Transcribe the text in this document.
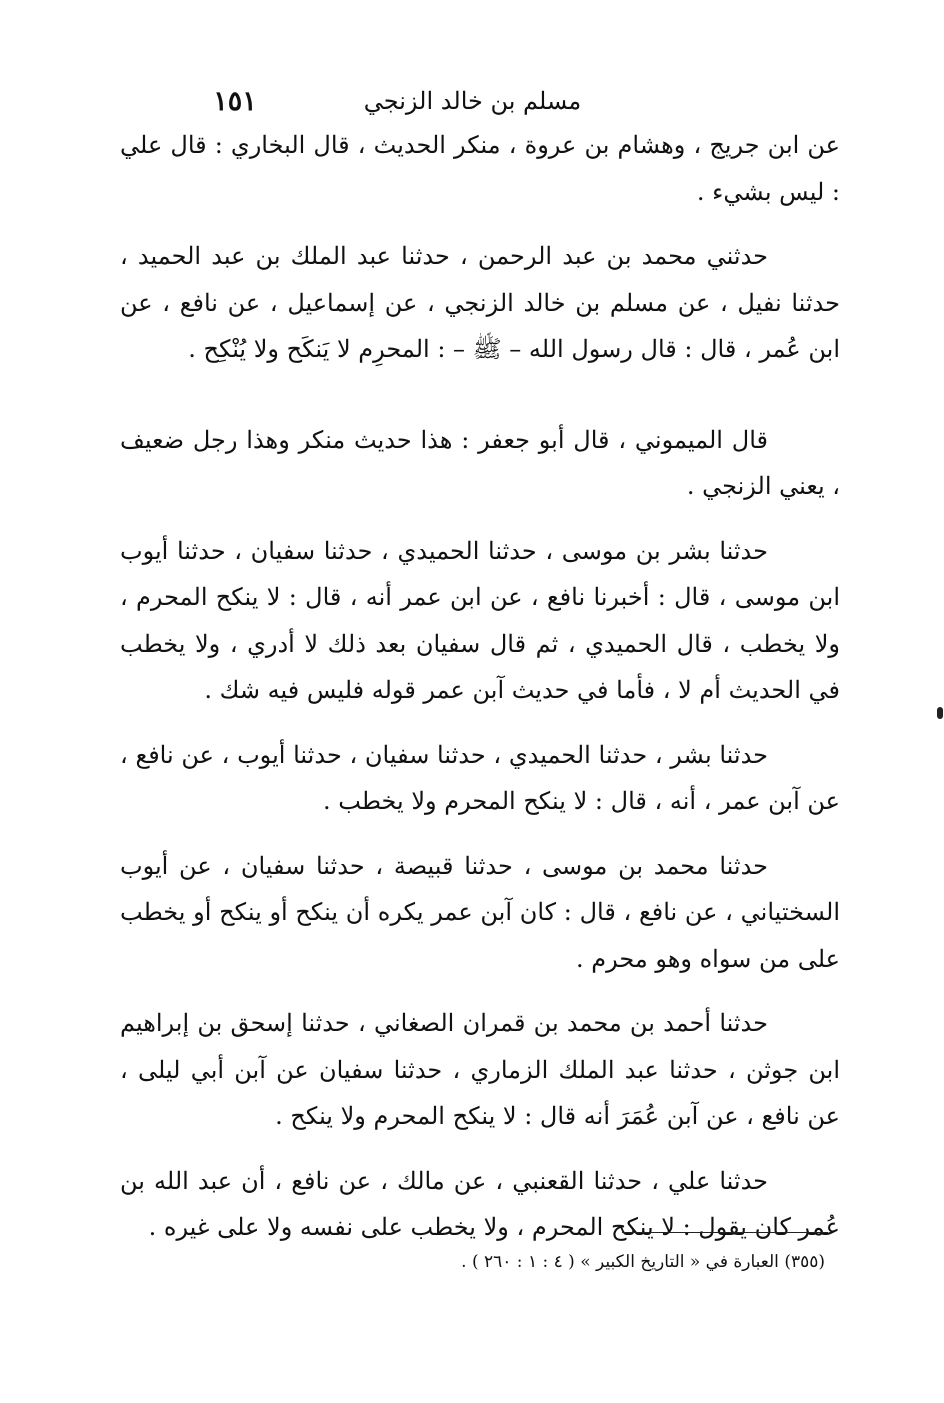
مسلم بن خالد الزنجي
١٥١

عن ابن جريج ، وهشام بن عروة ، منكر الحديث ، قال البخاري : قال علي : ليس بشيء .

حدثني محمد بن عبد الرحمن ، حدثنا عبد الملك بن عبد الحميد ، حدثنا نفيل ، عن مسلم بن خالد الزنجي ، عن إسماعيل ، عن نافع ، عن ابن عُمر ، قال : قال رسول الله – ﷺ – : المحرِم لا يَنكَح ولا يُنْكِح .

قال الميموني ، قال أبو جعفر : هذا حديث منكر وهذا رجل ضعيف ، يعني الزنجي .

حدثنا بشر بن موسى ، حدثنا الحميدي ، حدثنا سفيان ، حدثنا أيوب ابن موسى ، قال : أخبرنا نافع ، عن ابن عمر أنه ، قال : لا ينكح المحرم ، ولا يخطب ، قال الحميدي ، ثم قال سفيان بعد ذلك لا أدري ، ولا يخطب في الحديث أم لا ، فأما في حديث آبن عمر قوله فليس فيه شك .

حدثنا بشر ، حدثنا الحميدي ، حدثنا سفيان ، حدثنا أيوب ، عن نافع ، عن آبن عمر ، أنه ، قال : لا ينكح المحرم ولا يخطب .

حدثنا محمد بن موسى ، حدثنا قبيصة ، حدثنا سفيان ، عن أيوب السختياني ، عن نافع ، قال : كان آبن عمر يكره أن ينكح أو ينكح أو يخطب على من سواه وهو محرم .

حدثنا أحمد بن محمد بن قمران الصغاني ، حدثنا إسحق بن إبراهيم ابن جوثن ، حدثنا عبد الملك الزماري ، حدثنا سفيان عن آبن أبي ليلى ، عن نافع ، عن آبن عُمَرَ أنه قال : لا ينكح المحرم ولا ينكح .

حدثنا علي ، حدثنا القعنبي ، عن مالك ، عن نافع ، أن عبد الله بن عُمر كان يقول : لا ينكح المحرم ، ولا يخطب على نفسه ولا على غيره .

(٣٥٥) العبارة في « التاريخ الكبير » ( ٤ : ١ : ٢٦٠ ) .
